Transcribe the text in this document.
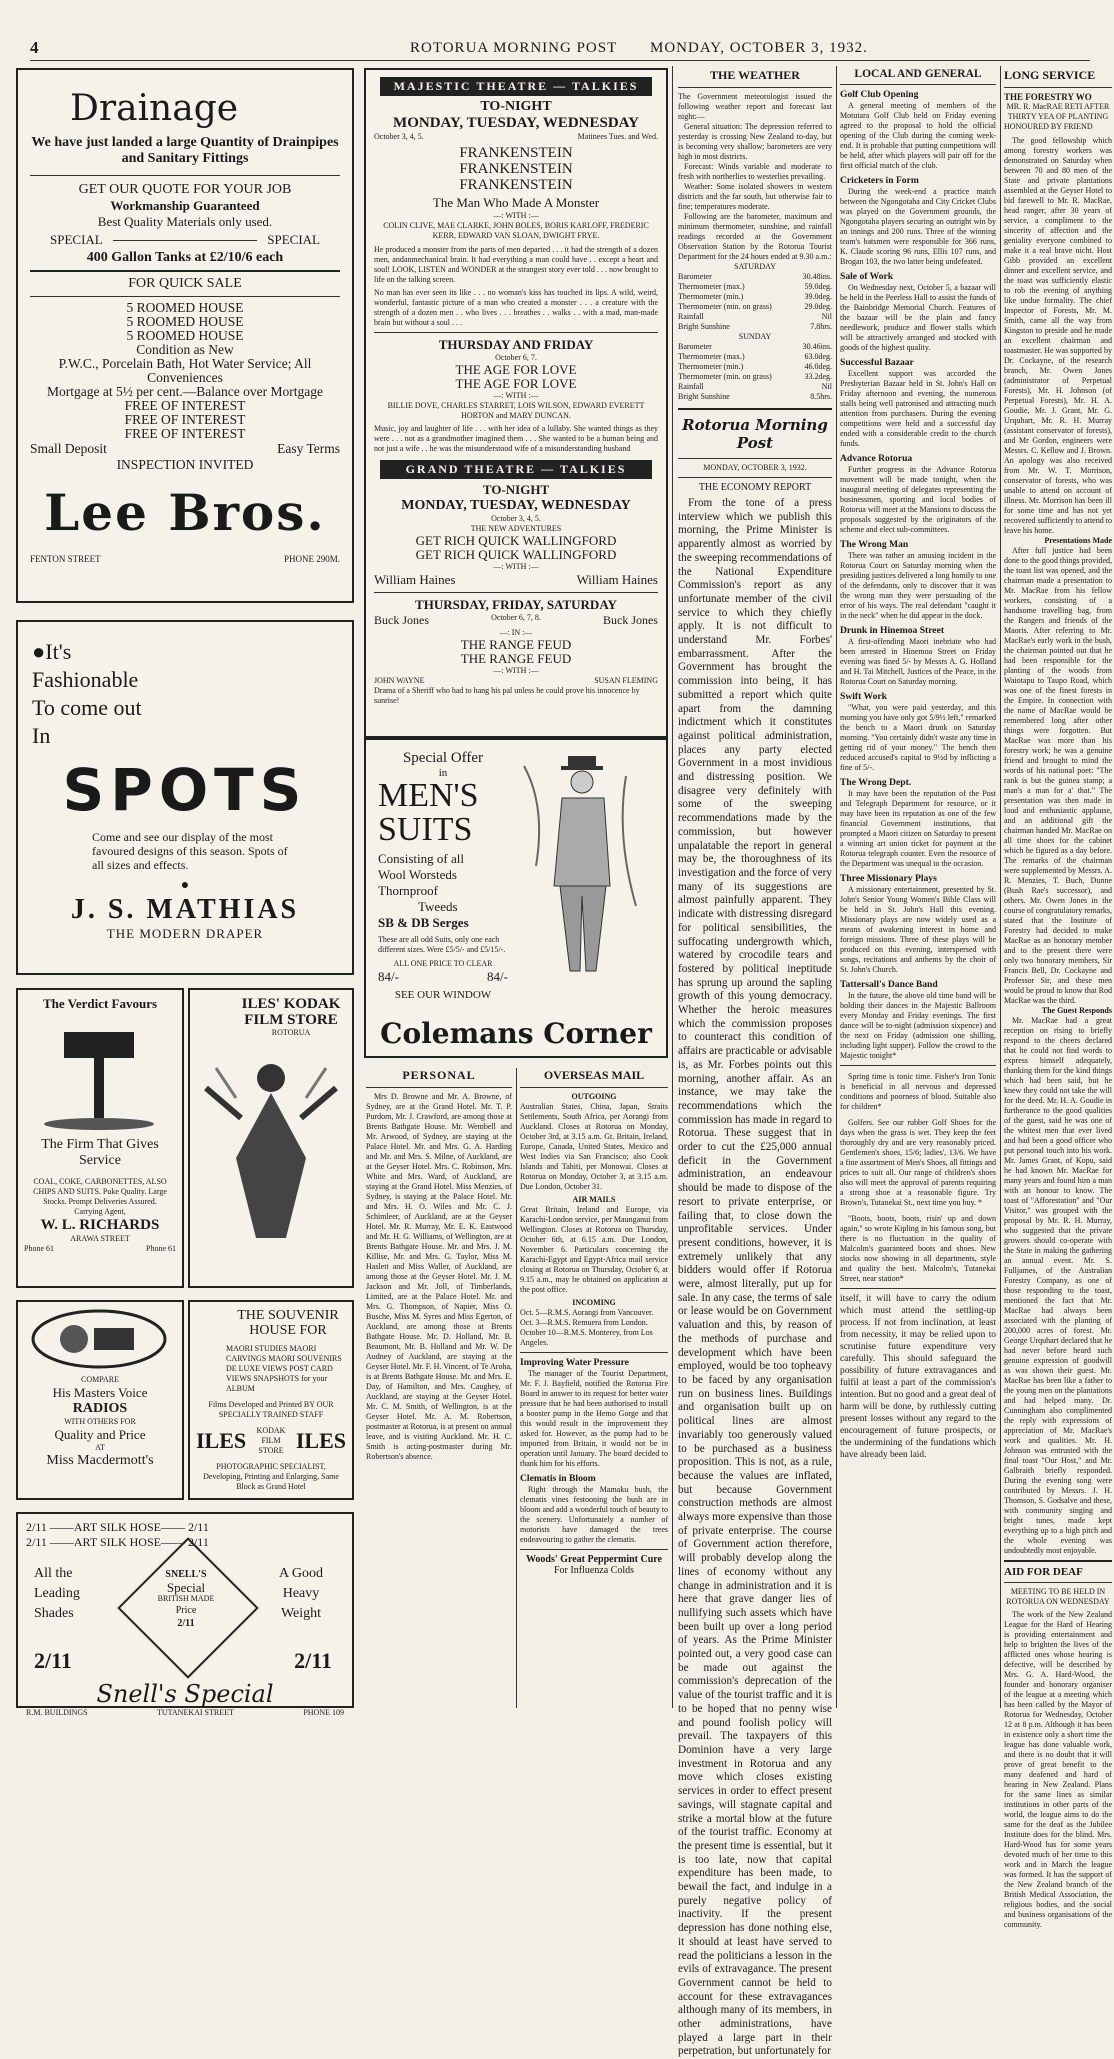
4	ROTORUA MORNING POST MONDAY, OCTOBER 3, 1932.
Drainage
We have just landed a large Quantity of Drainpipes and Sanitary Fittings
GET OUR QUOTE FOR YOUR JOB
Workmanship Guaranteed
Best Quality Materials only used.
SPECIAL	SPECIAL
400 Gallon Tanks at £2/10/6 each
FOR QUICK SALE
5 ROOMED HOUSE
5 ROOMED HOUSE
5 ROOMED HOUSE
Condition as New
P.W.C., Porcelain Bath, Hot Water Service; All Conveniences
Mortgage at 5½ per cent.—Balance over Mortgage
FREE OF INTEREST
FREE OF INTEREST
FREE OF INTEREST
Small Deposit	Easy Terms
INSPECTION INVITED
Lee Bros.
FENTON STREET	PHONE 290M.
●It's
Fashionable
To come out
In
SPOTS
Come and see our display of the most favoured designs of this season. Spots of all sizes and effects.
●
J. S. MATHIAS
THE MODERN DRAPER
The Verdict Favours
The Firm That Gives Service
COAL, COKE, CARBONETTES, ALSO CHIPS AND SUITS. Puke Quality. Large Stocks. Prompt Deliveries Assured.
Carrying Agent,
W. L. RICHARDS
ARAWA STREET
Phone 61	Phone 61
ILES' KODAK FILM STORE
ROTORUA
COMPARE
His Masters Voice
RADIOS
WITH OTHERS FOR
Quality and Price
AT
Miss Macdermott's
THE SOUVENIR HOUSE FOR
MAORI STUDIES MAORI CARVINGS MAORI SOUVENIRS DE LUXE VIEWS POST CARD VIEWS SNAPSHOTS for your ALBUM
Films Developed and Printed BY OUR SPECIALLY TRAINED STAFF
ILES	KODAK FILM STORE ILES
PHOTOGRAPHIC SPECIALIST, Developing, Printing and Enlarging, Same Block as Grand Hotel
2/11 ——ART SILK HOSE—— 2/11
2/11 ——ART SILK HOSE—— 2/11
All the Leading Shades
A Good Heavy Weight
SNELL'S
Special
BRITISH MADE
Price
2/11
2/11	2/11
Snell's Special
R.M. BUILDINGS	TUTANEKAI STREET	PHONE 109
MAJESTIC THEATRE — TALKIES
TO-NIGHT
MONDAY, TUESDAY, WEDNESDAY
October 3, 4, 5.	Matinees Tues. and Wed.
FRANKENSTEIN
FRANKENSTEIN
FRANKENSTEIN
The Man Who Made A Monster
—: WITH :—
COLIN CLIVE, MAE CLARKE, JOHN BOLES, BORIS KARLOFF, FREDERIC KERR, EDWARD VAN SLOAN, DWIGHT FRYE.
He produced a monster from the parts of men departed . . . it had the strength of a dozen men, andanmechanical brain. It had everything a man could have . . except a heart and soul! LOOK, LISTEN and WONDER at the strangest story ever told . . . now brought to life on the talking screen.
No man has ever seen its like . . . no woman's kiss has touched its lips. A wild, weird, wonderful, fantastic picture of a man who created a monster . . . a creature with the strength of a dozen men . . who lives . . . breathes . . walks . . with a mad, man-made brain but without a soul . . .
THURSDAY AND FRIDAY
October 6, 7.
THE AGE FOR LOVE
THE AGE FOR LOVE
—: WITH :—
BILLIE DOVE, CHARLES STARRET, LOIS WILSON, EDWARD EVERETT HORTON and MARY DUNCAN.
Music, joy and laughter of life . . . with her idea of a lullaby. She wanted things as they were . . . not as a grandmother imagined them . . . She wanted to be a human being and not just a wife . . he was the misunderstood wife of a misunderstanding husband
GRAND THEATRE — TALKIES
TO-NIGHT
MONDAY, TUESDAY, WEDNESDAY
October 3, 4, 5.
THE NEW ADVENTURES
GET RICH QUICK WALLINGFORD
GET RICH QUICK WALLINGFORD
—: WITH :—
William Haines	William Haines
THURSDAY, FRIDAY, SATURDAY
Buck Jones	October 6, 7, 8.	Buck Jones
—: IN :—
THE RANGE FEUD
THE RANGE FEUD
—: WITH :—
JOHN WAYNE	SUSAN FLEMING
Drama of a Sheriff who had to hang his pal unless he could prove his innocence by sunrise!
Special Offer
in
MEN'S
SUITS
Consisting of all
Wool Worsteds
Thornproof
Tweeds
SB & DB Serges
These are all odd Suits, only one each different sizes. Were £5/5/- and £5/15/-.
ALL ONE PRICE TO CLEAR
84/-	84/-
SEE OUR WINDOW
Colemans Corner
PERSONAL
Mrs D. Browne and Mr. A. Browne, of Sydney, are at the Grand Hotel. Mr. T. P. Purdom, Mr. J. Crawford, are among those at Brents Bathgate House. Mr. Wembell and Mr. Arwood, of Sydney, are staying at the Palace Hotel. Mr. and Mrs. G. A. Harding and Mr. and Mrs. S. Milne, of Auckland, are at the Geyser Hotel. Mrs. C. Robinson, Mrs. White and Mrs. Ward, of Auckland, are staying at the Grand Hotel. Miss Menzies, of Sydney, is staying at the Palace Hotel. Mr. and Mrs. H. O. Wiles and Mr. C. J. Schimleer, of Auckland, are at the Geyser Hotel. Mr. R. Murray, Mr. E. K. Eastwood and Mr. H. G. Williams, of Wellington, are at Brents Bathgate House. Mr. and Mrs. J. M. Killise, Mr. and Mrs. G. Taylor, Miss M. Haslett and Miss Waller, of Auckland, are among those at the Geyser Hotel. Mr. J. M. Jackson and Mr. Joll, of Timberlands, Limited, are at the Palace Hotel. Mr. and Mrs. G. Thompson, of Napier, Miss O. Busche, Miss M. Syres and Miss Egerton, of Auckland, are among those at Brents Bathgate House. Mr. D. Holland, Mr. B. Beaumont, Mr. B. Holland and Mr. W. De Audney of Auckland, are staying at the Geyser Hotel. Mr. F. H. Vincent, of Te Aroha, is at Brents Bathgate House. Mr. and Mrs. E. Day, of Hamilton, and Mrs. Caughey, of Auckland, are staying at the Geyser Hotel. Mr. C. M. Smith, of Wellington, is at the Geyser Hotel. Mr. A. M. Robertson, postmaster at Rotorua, is at present on annual leave, and is visiting Auckland. Mr. H. C. Smith is acting-postmaster during Mr. Robertson's absence.
OVERSEAS MAIL
OUTGOING
Australian States, China, Japan, Straits Settlements, South Africa, per Aorangi from Auckland. Closes at Rotorua on Monday, October 3rd, at 3.15 a.m. Gt. Britain, Ireland, Europe, Canada, United States, Mexico and West Indies via San Francisco; also Cook Islands and Tahiti, per Monowai. Closes at Rotorua on Monday, October 3, at 3.15 a.m. Due London, October 31.
AIR MAILS
Great Britain, Ireland and Europe, via Karachi-London service, per Maunganui from Wellington. Closes at Rotorua on Thursday, October 6th, at 6.15 a.m. Due London, November 6. Particulars concerning the Karachi-Egypt and Egypt-Africa mail service closing at Rotorua on Thursday, October 6, at 9.15 a.m., may be obtained on application at the post office.
INCOMING
Oct. 5—R.M.S. Aorangi from Vancouver. Oct. 3—R.M.S. Remuera from London. October 10—R.M.S. Monterey, from Los Angeles.
Improving Water Pressure
The manager of the Tourist Department, Mr. F. J. Bayfield, notified the Rotorua Fire Board in answer to its request for better water pressure that he had been authorised to install a booster pump in the Hemo Gorge and that this would result in the improvement they asked for. However, as the pump had to be imported from Britain, it would not be in operation until January. The board decided to thank him for his efforts.
Clematis in Bloom
Right through the Mamaku bush, the clematis vines festooning the bush are in bloom and add a wonderful touch of beauty to the scenery. Unfortunately a number of motorists have damaged the trees endeavouring to gather the clematis.
Woods' Great Peppermint Cure
For Influenza Colds
THE WEATHER
The Government meteorologist issued the following weather report and forecast last night:—
General situation: The depression referred to yesterday is crossing New Zealand to-day, but is becoming very shallow; barometers are very high in most districts.
Forecast: Winds variable and moderate to fresh with northerlies to westerlies prevailing.
Weather: Some isolated showers in western districts and the far south, but otherwise fair to fine; temperatures moderate.
Following are the barometer, maximum and minimum thermometer, sunshine, and rainfall readings recorded at the Government Observation Station by the Rotorua Tourist Department for the 24 hours ended at 9.30 a.m.:
SATURDAY
Barometer	30.48ins.
Thermometer (max.)	59.0deg.
Thermometer (min.)	39.0deg.
Thermometer (min. on grass)	29.0deg.
Rainfall	Nil
Bright Sunshine	7.8hrs.
SUNDAY
Barometer	30.46ins.
Thermometer (max.)	63.0deg.
Thermometer (min.)	46.0deg.
Thermometer (min. on grass)	33.2deg.
Rainfall	Nil
Bright Sunshine	8.5hrs.
Rotorua Morning Post
MONDAY, OCTOBER 3, 1932.
THE ECONOMY REPORT
From the tone of a press interview which we publish this morning, the Prime Minister is apparently almost as worried by the sweeping recommendations of the National Expenditure Commission's report as any unfortunate member of the civil service to which they chiefly apply. It is not difficult to understand Mr. Forbes' embarrassment. After the Government has brought the commission into being, it has submitted a report which quite apart from the damning indictment which it constitutes against political administration, places any party elected Government in a most invidious and distressing position. We disagree very definitely with some of the sweeping recommendations made by the commission, but however unpalatable the report in general may be, the thoroughness of its investigation and the force of very many of its suggestions are almost painfully apparent. They indicate with distressing disregard for political sensibilities, the suffocating undergrowth which, watered by crocodile tears and fostered by political ineptitude has sprung up around the sapling growth of this young democracy. Whether the heroic measures which the commission proposes to counteract this condition of affairs are practicable or advisable is, as Mr. Forbes points out this morning, another affair. As an instance, we may take the recommendations which the commission has made in regard to Rotorua. These suggest that in order to cut the £25,000 annual deficit in the Government administration, an endeavour should be made to dispose of the resort to private enterprise, or failing that, to close down the unprofitable services. Under present conditions, however, it is extremely unlikely that any bidders would offer if Rotorua were, almost literally, put up for sale. In any case, the terms of sale or lease would be on Government valuation and this, by reason of the methods of purchase and development which have been employed, would be too topheavy to be faced by any organisation run on business lines. Buildings and organisation built up on political lines are almost invariably too generously valued to be purchased as a business proposition. This is not, as a rule, because the values are inflated, but because Government construction methods are almost always more expensive than those of private enterprise. The course of Government action therefore, will probably develop along the lines of economy without any change in administration and it is here that grave danger lies of nullifying such assets which have been built up over a long period of years. As the Prime Minister pointed out, a very good case can be made out against the commission's deprecation of the value of the tourist traffic and it is to be hoped that no penny wise and pound foolish policy will prevail. The taxpayers of this Dominion have a very large investment in Rotorua and any move which closes existing services in order to effect present savings, will stagnate capital and strike a mortal blow at the future of the tourist traffic. Economy at the present time is essential, but it is too late, now that capital expenditure has been made, to bewail the fact, and indulge in a purely negative policy of inactivity. If the present depression has done nothing else, it should at least have served to read the politicians a lesson in the evils of extravagance. The present Government cannot be held to account for these extravagances although many of its members, in other administrations, have played a large part in their perpetration, but unfortunately for
LOCAL AND GENERAL
Golf Club Opening
A general meeting of members of the Motutara Golf Club held on Friday evening agreed to the proposal to hold the official opening of the Club during the coming week-end. It is probable that putting competitions will be held, after which players will pair off for the first official match of the club.
Cricketers in Form
During the week-end a practice match between the Ngongotaha and City Cricket Clubs was played on the Government grounds, the Ngongotaha players securing an outright win by an innings and 200 runs. Three of the winning team's batsmen were responsible for 366 runs, K. Claude scoring 96 runs, Ellis 107 runs, and Brogan 103, the two latter being undefeated.
Sale of Work
On Wednesday next, October 5, a bazaar will be held in the Peerless Hall to assist the funds of the Bainbridge Memorial Church. Features of the bazaar will be the plain and fancy needlework, produce and flower stalls which will be attractively arranged and stocked with goods of the highest quality.
Successful Bazaar
Excellent support was accorded the Presbyterian Bazaar held in St. John's Hall on Friday afternoon and evening, the numerous stalls being well patronised and attracting much attention from purchasers. During the evening competitions were held and a successful day ended with a considerable credit to the church funds.
Advance Rotorua
Further progress in the Advance Rotorua movement will be made tonight, when the inaugural meeting of delegates representing the businessmen, sporting and local bodies of Rotorua will meet at the Mansions to discuss the proposals suggested by the originators of the scheme and elect sub-committees.
The Wrong Man
There was rather an amusing incident in the Rotorua Court on Saturday morning when the presiding justices delivered a long homily to one of the defendants, only to discover that it was the wrong man they were persuading of the error of his ways. The real defendant "caught it in the neck" when he did appear in the dock.
Drunk in Hinemoa Street
A first-offending Maori inebriate who had been arrested in Hinemoa Street on Friday evening was fined 5/- by Messrs A. G. Holland and H. Tai Mitchell, Justices of the Peace, in the Rotorua Court on Saturday morning.
Swift Work
"What, you were paid yesterday, and this morning you have only got 5/9½ left," remarked the bench to a Maori drunk on Saturday morning. "You certainly didn't waste any time in getting rid of your money." The bench then reduced accused's capital to 9½d by inflicting a fine of 5/-.
The Wrong Dept.
It may have been the reputation of the Post and Telegraph Department for resource, or it may have been its reputation as one of the few financial Government institutions, that prompted a Maori citizen on Saturday to present a winning art union ticket for payment at the Rotorua telegraph counter. Even the resource of the Department was unequal to the occasion.
Three Missionary Plays
A missionary entertainment, presented by St. John's Senior Young Women's Bible Class will be held in St. John's Hall this evening. Missionary plays are now widely used as a means of awakening interest in home and foreign missions. Three of these plays will be produced on this evening, interspersed with songs, recitations and anthems by the choir of St. John's Church.
Tattersall's Dance Band
In the future, the above old time band will be holding their dances in the Majestic Ballroom every Monday and Friday evenings. The first dance will be to-night (admission sixpence) and the next on Friday (admission one shilling, including light supper). Follow the crowd to the Majestic tonight*
Spring time is tonic time. Fisher's Iron Tonic is beneficial in all nervous and depressed conditions and poorness of blood. Suitable also for children*
Golfers. See our rubber Golf Shoes for the days when the grass is wet. They keep the feet thoroughly dry and are very reasonably priced. Gentlemen's shoes, 15/6; ladies', 13/6. We have a fine assortment of Men's Shoes, all fittings and prices to suit all. Our range of children's shoes also will meet the approval of parents requiring a strong shoe at a reasonable figure. Try Brown's, Tutanekai St., next time you buy. *
"Boots, boots, boots, risin' up and down again," so wrote Kipling in his famous song, but there is no fluctuation in the quality of Malcolm's guaranteed boots and shoes. New stocks now showing in all departments, style and quality the best. Malcolm's, Tutanekai Street, near station*
itself, it will have to carry the odium which must attend the settling-up process. If not from inclination, at least from necessity, it may be relied upon to scrutinise future expenditure very carefully. This should safeguard the possibility of future extravagances and fulfil at least a part of the commission's intention. But no good and a great deal of harm will be done, by ruthlessly cutting present losses without any regard to the encouragement of future prospects, or the undermining of the fundations which have already been laid.
LONG SERVICE
THE FORESTRY WO
MR. R. MacRAE RETI AFTER THIRTY YEA OF PLANTING
HONOURED BY FRIEND
The good fellowship which among forestry workers was demonstrated on Saturday when between 70 and 80 men of the State and private plantations assembled at the Geyser Hotel to bid farewell to Mr. R. MacRae, head ranger, after 30 years of service, a compliment to the sincerity of affection and the geniality everyone combined to make it a real brave nicht. Host Gibb provided an excellent dinner and excellent service, and the toast was sufficiently elastic to rob the evening of anything like undue formality. The chief Inspector of Forests, Mr. M. Smith, came all the way from Kingston to preside and he made an excellent chairman and toastmaster. He was supported by Dr. Cockayne, of the research branch, Mr. Owen Jones (administrator of Perpetual Forests), Mr. H. Johnson (of Perpetual Forests), Mr. H. A. Goudie, Mr. J. Grant, Mr. G. Urquhart, Mr. R. H. Murray (assistant conservator of forests), and Mr Gordon, engineers were Messrs. C. Kellow and J. Brown. An apology was also received from Mr. W. T. Morrison, conservator of forests, who was unable to attend on account of illness. Mr. Morrison has been ill for some time and has not yet recovered sufficiently to attend to leave his home.
Presentations Made
After full justice had been done to the good things provided, the toast list was opened, and the chairman made a presentation to Mr. MacRae from his fellow workers, consisting of a handsome travelling bag, from the Rangers and friends of the Maoris. After referring to Mr. MacRae's early work in the bush, the chairman pointed out that he had been responsible for the planting of the woods from Waiotapu to Taupo Road, which was one of the finest forests in the Empire. In connection with the name of MacRae would be remembered long after other things were forgotten. But MacRae was more than his forestry work; he was a genuine friend and brought to mind the words of his national poet: "The rank is but the guinea stamp; a man's a man for a' that." The presentation was then made in loud and enthusiastic applause, and an additional gift the chairman handed Mr. MacRae on all time shoes for the cabinet which he figured as a day before. The remarks of the chairman were supplemented by Messrs. A. R. Menzies, T. Buch, Dunne (Bush Rae's successor), and others. Mr. Owen Jones in the course of congratulatory remarks, stated that the Institute of Forestry had decided to make MacRae as an honorary member and to the present there were only two honorary members, Sir Francis Bell, Dr. Cockayne and Professor Sir, and these men would be proud to know that Rod MacRae was the third.
The Guest Responds
Mr. MacRae had a great reception on rising to briefly respond to the cheers declared that he could not find words to express himself adequately, thanking them for the kind things which had been said, but he knew they could not take the will for the deed. Mr. H. A. Goudie in furtherance to the good qualities of the guest, said he was one of the whitest men that ever lived and had been a good officer who put personal touch into his work. Mr. James Grant, of Kopu, said he had known Mr. MacRae for many years and found him a man with an honour to know. The toast of "Afforestation" and "Our Visitor," was grouped with the proposal by Mr. R. H. Murray, who suggested that the private growers should co-operate with the State in making the gathering an annual event. Mr. S. Fulljames, of the Australian Forestry Company, as one of those responding to the toast, mentioned the fact that Mr. MacRae had always been associated with the planting of 200,000 acres of forest. Mr. George Urquhart declared that he had never before heard such genuine expression of goodwill as was shown their guest. Mr. MacRae has been like a father to the young men on the plantations and had helped many. Dr. Cunningham also complimented the reply with expressions of appreciation of Mr. MacRae's work and qualities. Mr. H. Johnson was entrusted with the final toast "Our Host," and Mr. Galbraith briefly responded. During the evening song were contributed by Messrs. J. H. Thomson, S. Godsalve and these, with community singing and bright tunes, made kept everything up to a high pitch and the whole evening was undoubtedly most enjoyable.
AID FOR DEAF
MEETING TO BE HELD IN ROTORUA ON WEDNESDAY
The work of the New Zealand League for the Hard of Hearing is providing entertainment and help to brighten the lives of the afflicted ones whose hearing is defective, will be described by Mrs. G. A. Hard-Wood, the founder and honorary organiser of the league at a meeting which has been called by the Mayor of Rotorua for Wednesday, October 12 at 8 p.m. Although it has been in existence only a short time the league has done valuable work, and there is no doubt that it will prove of great benefit to the many deafened and hard of hearing in New Zealand. Plans for the same lines as similar institutions in other parts of the world, the league aims to do the same for the deaf as the Jubilee Institute does for the blind. Mrs. Hard-Wood has for some years devoted much of her time to this work and in March the league was formed. It has the support of the New Zealand branch of the British Medical Association, the religious bodies, and the social and business organisations of the community.
